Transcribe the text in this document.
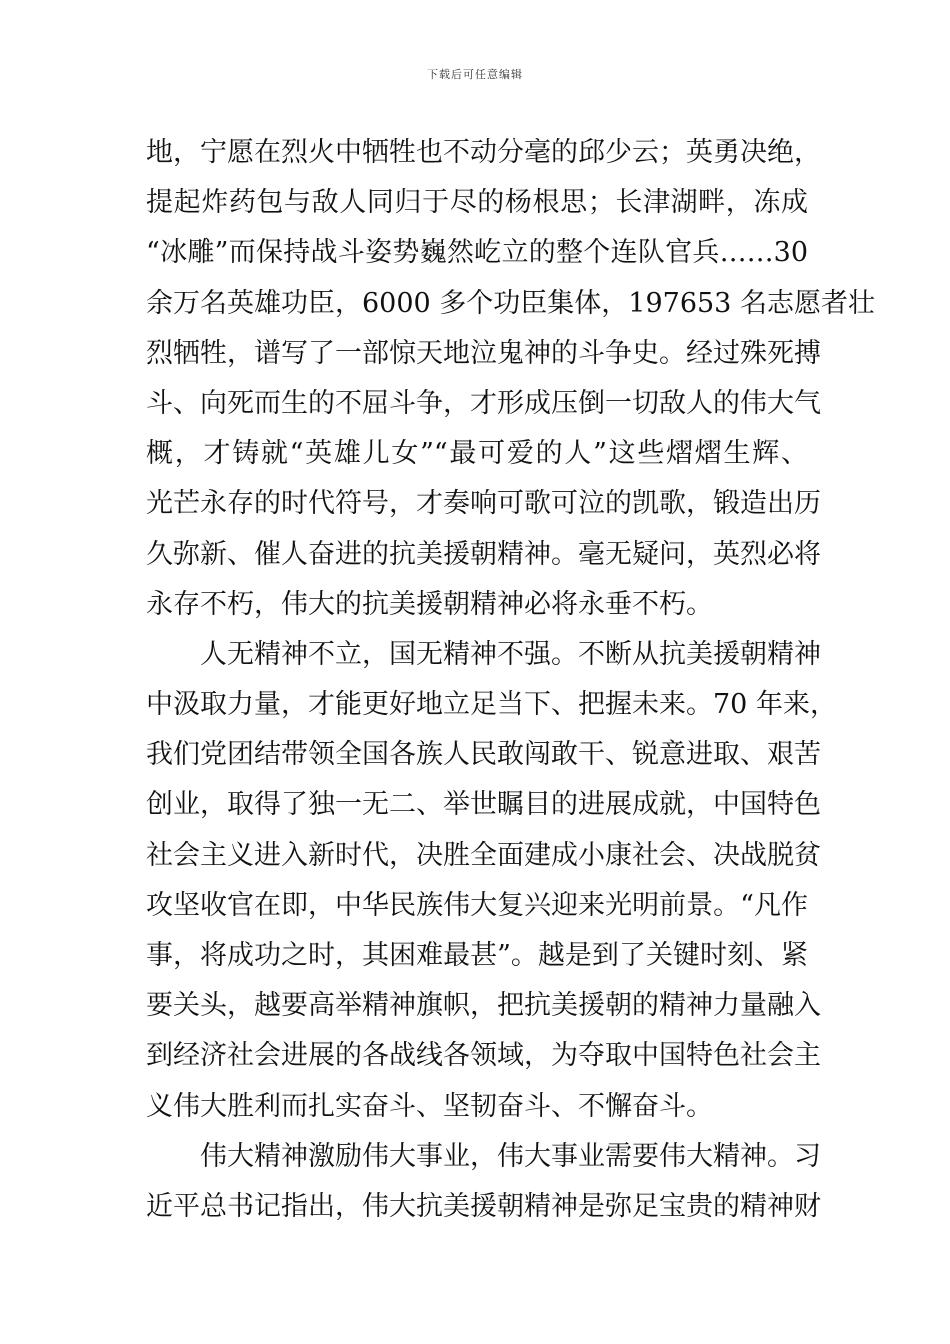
下载后可任意编辑
地，宁愿在烈火中牺牲也不动分毫的邱少云；英勇决绝，
提起炸药包与敌人同归于尽的杨根思；长津湖畔，冻成
“冰雕”而保持战斗姿势巍然屹立的整个连队官兵……30
余万名英雄功臣，6000 多个功臣集体，197653 名志愿者壮
烈牺牲，谱写了一部惊天地泣鬼神的斗争史。经过殊死搏
斗、向死而生的不屈斗争，才形成压倒一切敌人的伟大气
概，才铸就“英雄儿女”“最可爱的人”这些熠熠生辉、
光芒永存的时代符号，才奏响可歌可泣的凯歌，锻造出历
久弥新、催人奋进的抗美援朝精神。毫无疑问，英烈必将
永存不朽，伟大的抗美援朝精神必将永垂不朽。
人无精神不立，国无精神不强。不断从抗美援朝精神
中汲取力量，才能更好地立足当下、把握未来。70 年来，
我们党团结带领全国各族人民敢闯敢干、锐意进取、艰苦
创业，取得了独一无二、举世瞩目的进展成就，中国特色
社会主义进入新时代，决胜全面建成小康社会、决战脱贫
攻坚收官在即，中华民族伟大复兴迎来光明前景。“凡作
事，将成功之时，其困难最甚”。越是到了关键时刻、紧
要关头，越要高举精神旗帜，把抗美援朝的精神力量融入
到经济社会进展的各战线各领域，为夺取中国特色社会主
义伟大胜利而扎实奋斗、坚韧奋斗、不懈奋斗。
伟大精神激励伟大事业，伟大事业需要伟大精神。习
近平总书记指出，伟大抗美援朝精神是弥足宝贵的精神财
